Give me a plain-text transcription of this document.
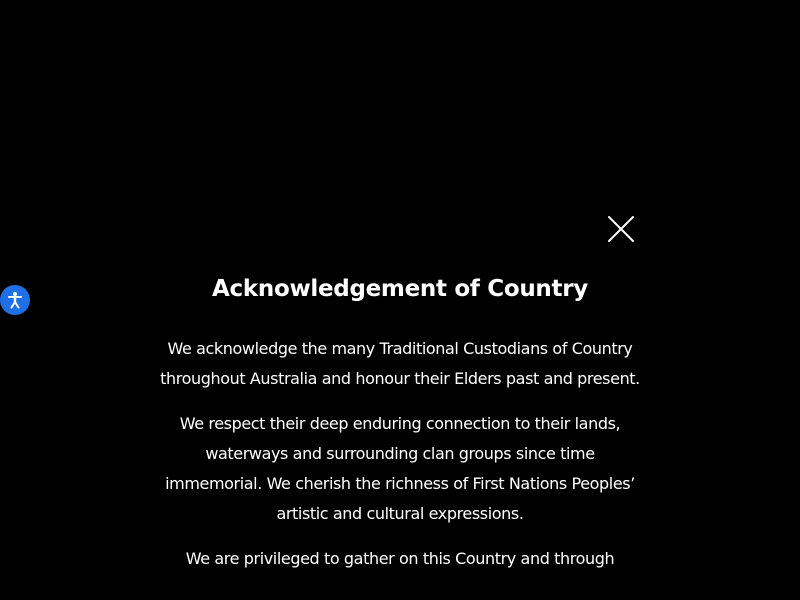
Acknowledgement of Country

We acknowledge the many Traditional Custodians of Country throughout Australia and honour their Elders past and present.

We respect their deep enduring connection to their lands, waterways and surrounding clan groups since time immemorial. We cherish the richness of First Nations Peoples’ artistic and cultural expressions.

We are privileged to gather on this Country and through
